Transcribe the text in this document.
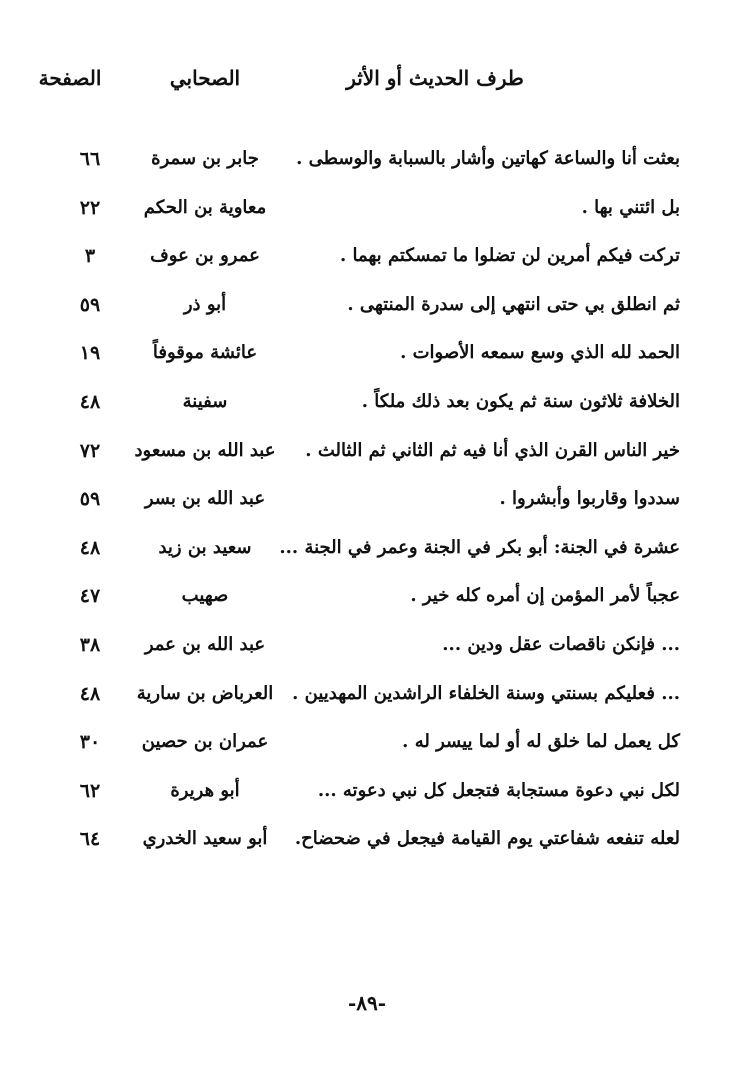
طرف الحديث أو الأثر
الصحابي
الصفحة
بعثت أنا والساعة كهاتين وأشار بالسبابة والوسطى .
جابر بن سمرة
٦٦
بل ائتني بها .
معاوية بن الحكم
٢٢
تركت فيكم أمرين لن تضلوا ما تمسكتم بهما .
عمرو بن عوف
٣
ثم انطلق بي حتى انتهي إلى سدرة المنتهى .
أبو ذر
٥٩
الحمد لله الذي وسع سمعه الأصوات .
عائشة موقوفاً
١٩
الخلافة ثلاثون سنة ثم يكون بعد ذلك ملكاً .
سفينة
٤٨
خير الناس القرن الذي أنا فيه ثم الثاني ثم الثالث .
عبد الله بن مسعود
٧٢
سددوا وقاربوا وأبشروا .
عبد الله بن بسر
٥٩
عشرة في الجنة: أبو بكر في الجنة وعمر في الجنة ...
سعيد بن زيد
٤٨
عجباً لأمر المؤمن إن أمره كله خير .
صهيب
٤٧
... فإنكن ناقصات عقل ودين ...
عبد الله بن عمر
٣٨
... فعليكم بسنتي وسنة الخلفاء الراشدين المهديين .
العرباض بن سارية
٤٨
كل يعمل لما خلق له أو لما ييسر له .
عمران بن حصين
٣٠
لكل نبي دعوة مستجابة فتجعل كل نبي دعوته ...
أبو هريرة
٦٢
لعله تنفعه شفاعتي يوم القيامة فيجعل في ضحضاح.
أبو سعيد الخدري
٦٤
-٨٩-
